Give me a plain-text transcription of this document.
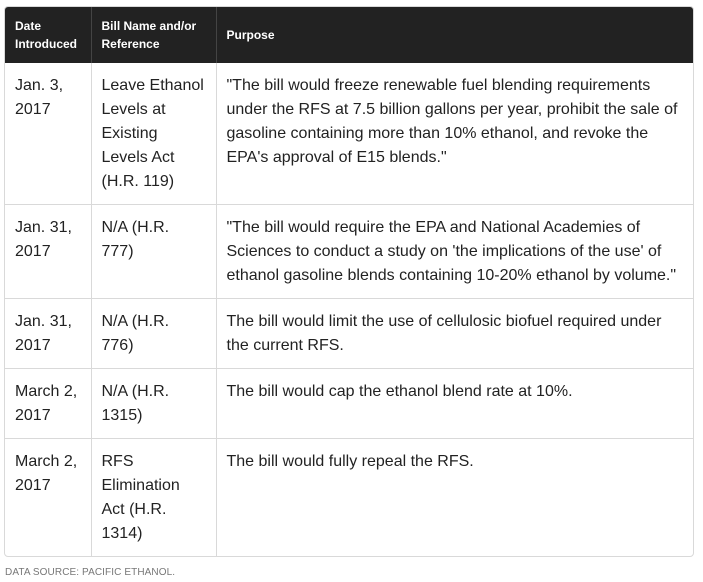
Date Introduced	Bill Name and/or Reference	Purpose
Jan. 3, 2017	Leave Ethanol Levels at Existing Levels Act (H.R. 119)	"The bill would freeze renewable fuel blending requirements under the RFS at 7.5 billion gallons per year, prohibit the sale of gasoline containing more than 10% ethanol, and revoke the EPA's approval of E15 blends."
Jan. 31, 2017	N/A (H.R. 777)	"The bill would require the EPA and National Academies of Sciences to conduct a study on 'the implications of the use' of ethanol gasoline blends containing 10-20% ethanol by volume."
Jan. 31, 2017	N/A (H.R. 776)	The bill would limit the use of cellulosic biofuel required under the current RFS.
March 2, 2017	N/A (H.R. 1315)	The bill would cap the ethanol blend rate at 10%.
March 2, 2017	RFS Elimination Act (H.R. 1314)	The bill would fully repeal the RFS.
DATA SOURCE: PACIFIC ETHANOL.
